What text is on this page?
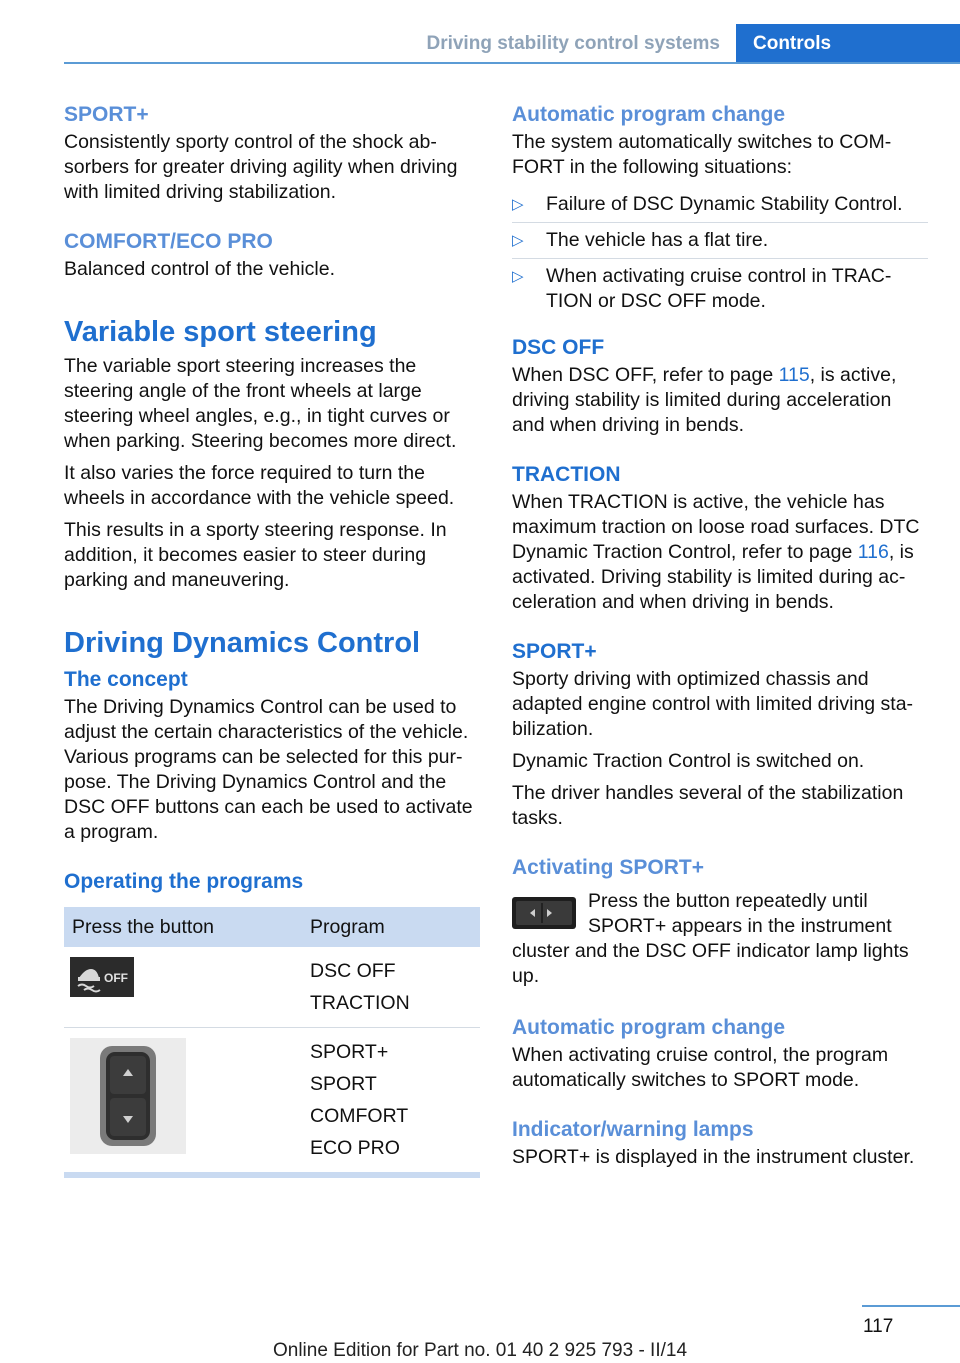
Driving stability control systems	Controls
SPORT+

Consistently sporty control of the shock ab-
sorbers for greater driving agility when driving
with limited driving stabilization.

COMFORT/ECO PRO

Balanced control of the vehicle.

Variable sport steering

The variable sport steering increases the
steering angle of the front wheels at large
steering wheel angles, e.g., in tight curves or
when parking. Steering becomes more direct.

It also varies the force required to turn the
wheels in accordance with the vehicle speed.

This results in a sporty steering response. In
addition, it becomes easier to steer during
parking and maneuvering.

Driving Dynamics Control
The concept

The Driving Dynamics Control can be used to
adjust the certain characteristics of the vehicle.
Various programs can be selected for this pur-
pose. The Driving Dynamics Control and the
DSC OFF buttons can each be used to activate
a program.

Operating the programs
Press the button	Program

OFF	DSC OFF
TRACTION

SPORT+
SPORT
COMFORT
ECO PRO
Automatic program change

The system automatically switches to COM-
FORT in the following situations:

▷ Failure of DSC Dynamic Stability Control.
▷ The vehicle has a flat tire.
▷ When activating cruise control in TRAC-
TION or DSC OFF mode.
DSC OFF

When DSC OFF, refer to page 115, is active,
driving stability is limited during acceleration
and when driving in bends.

TRACTION

When TRACTION is active, the vehicle has
maximum traction on loose road surfaces. DTC
Dynamic Traction Control, refer to page 116, is
activated. Driving stability is limited during ac-
celeration and when driving in bends.

SPORT+

Sporty driving with optimized chassis and
adapted engine control with limited driving sta-
bilization.

Dynamic Traction Control is switched on.

The driver handles several of the stabilization
tasks.

Activating SPORT+
Press the button repeatedly until
SPORT+ appears in the instrument
cluster and the DSC OFF indicator lamp lights
up.
Automatic program change

When activating cruise control, the program
automatically switches to SPORT mode.

Indicator/warning lamps

SPORT+ is displayed in the instrument cluster.

117
Online Edition for Part no. 01 40 2 925 793 - II/14
